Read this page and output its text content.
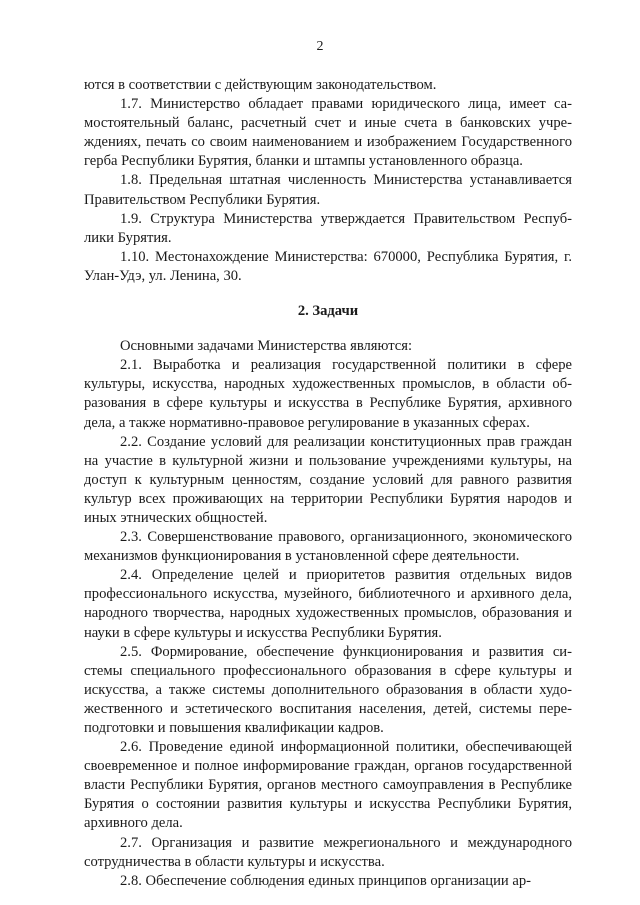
2

ются в соответствии с действующим законодательством.

1.7. Министерство обладает правами юридического лица, имеет самостоятельный баланс, расчетный счет и иные счета в банковских учреждениях, печать со своим наименованием и изображением Государственного герба Республики Бурятия, бланки и штампы установленного образца.

1.8. Предельная штатная численность Министерства устанавливается Правительством Республики Бурятия.

1.9. Структура Министерства утверждается Правительством Республики Бурятия.

1.10. Местонахождение Министерства: 670000, Республика Бурятия, г. Улан-Удэ, ул. Ленина, 30.

2. Задачи

Основными задачами Министерства являются:

2.1. Выработка и реализация государственной политики в сфере культуры, искусства, народных художественных промыслов, в области образования в сфере культуры и искусства в Республике Бурятия, архивного дела, а также нормативно-правовое регулирование в указанных сферах.

2.2. Создание условий для реализации конституционных прав граждан на участие в культурной жизни и пользование учреждениями культуры, на доступ к культурным ценностям, создание условий для равного развития культур всех проживающих на территории Республики Бурятия народов и иных этнических общностей.

2.3. Совершенствование правового, организационного, экономического механизмов функционирования в установленной сфере деятельности.

2.4. Определение целей и приоритетов развития отдельных видов профессионального искусства, музейного, библиотечного и архивного дела, народного творчества, народных художественных промыслов, образования и науки в сфере культуры и искусства Республики Бурятия.

2.5. Формирование, обеспечение функционирования и развития системы специального профессионального образования в сфере культуры и искусства, а также системы дополнительного образования в области художественного и эстетического воспитания населения, детей, системы переподготовки и повышения квалификации кадров.

2.6. Проведение единой информационной политики, обеспечивающей своевременное и полное информирование граждан, органов государственной власти Республики Бурятия, органов местного самоуправления в Республике Бурятия о состоянии развития культуры и искусства Республики Бурятия, архивного дела.

2.7. Организация и развитие межрегионального и международного сотрудничества в области культуры и искусства.

2.8. Обеспечение соблюдения единых принципов организации ар-
